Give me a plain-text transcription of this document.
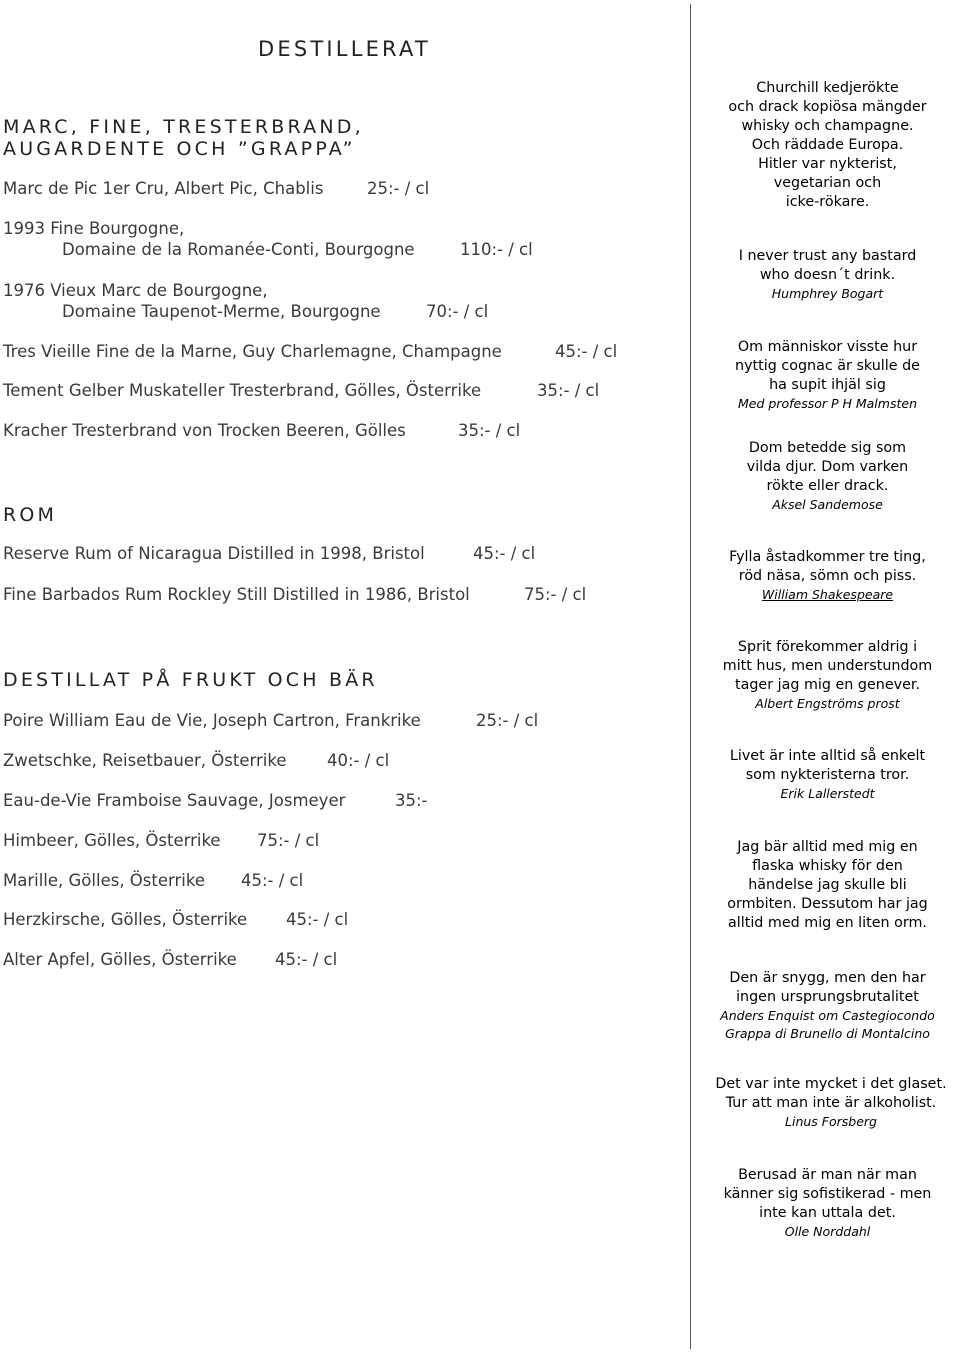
DESTILLERAT
MARC, FINE, TRESTERBRAND,
AUGARDENTE OCH ”GRAPPA”
Marc de Pic 1er Cru, Albert Pic, Chablis	25:- / cl
1993 Fine Bourgogne,
Domaine de la Romanée-Conti, Bourgogne	110:- / cl
1976 Vieux Marc de Bourgogne,
Domaine Taupenot-Merme, Bourgogne	70:- / cl
Tres Vieille Fine de la Marne, Guy Charlemagne, Champagne	45:- / cl
Tement Gelber Muskateller Tresterbrand, Gölles, Österrike	35:- / cl
Kracher Tresterbrand von Trocken Beeren, Gölles	35:- / cl
ROM
Reserve Rum of Nicaragua Distilled in 1998, Bristol	45:- / cl
Fine Barbados Rum Rockley Still Distilled in 1986, Bristol	75:- / cl
DESTILLAT PÅ FRUKT OCH BÄR
Poire William Eau de Vie, Joseph Cartron, Frankrike	25:- / cl
Zwetschke, Reisetbauer, Österrike 40:- / cl
Eau-de-Vie Framboise Sauvage, Josmeyer	35:-
Himbeer, Gölles, Österrike 75:- / cl
Marille, Gölles, Österrike 45:- / cl
Herzkirsche, Gölles, Österrike 45:- / cl
Alter Apfel, Gölles, Österrike 45:- / cl
Churchill kedjerökte
och drack kopiösa mängder
whisky och champagne.
Och räddade Europa.
Hitler var nykterist,
vegetarian och
icke-rökare.
I never trust any bastard
who doesn´t drink.
Humphrey Bogart
Om människor visste hur
nyttig cognac är skulle de
ha supit ihjäl sig
Med professor P H Malmsten
Dom betedde sig som
vilda djur. Dom varken
rökte eller drack.
Aksel Sandemose
Fylla åstadkommer tre ting,
röd näsa, sömn och piss.
William Shakespeare
Sprit förekommer aldrig i
mitt hus, men understundom
tager jag mig en genever.
Albert Engströms prost
Livet är inte alltid så enkelt
som nykteristerna tror.
Erik Lallerstedt
Jag bär alltid med mig en
flaska whisky för den
händelse jag skulle bli
ormbiten. Dessutom har jag
alltid med mig en liten orm.
Den är snygg, men den har
ingen ursprungsbrutalitet
Anders Enquist om Castegiocondo
Grappa di Brunello di Montalcino
Det var inte mycket i det glaset.
Tur att man inte är alkoholist.
Linus Forsberg
Berusad är man när man
känner sig sofistikerad - men
inte kan uttala det.
Olle Norddahl
